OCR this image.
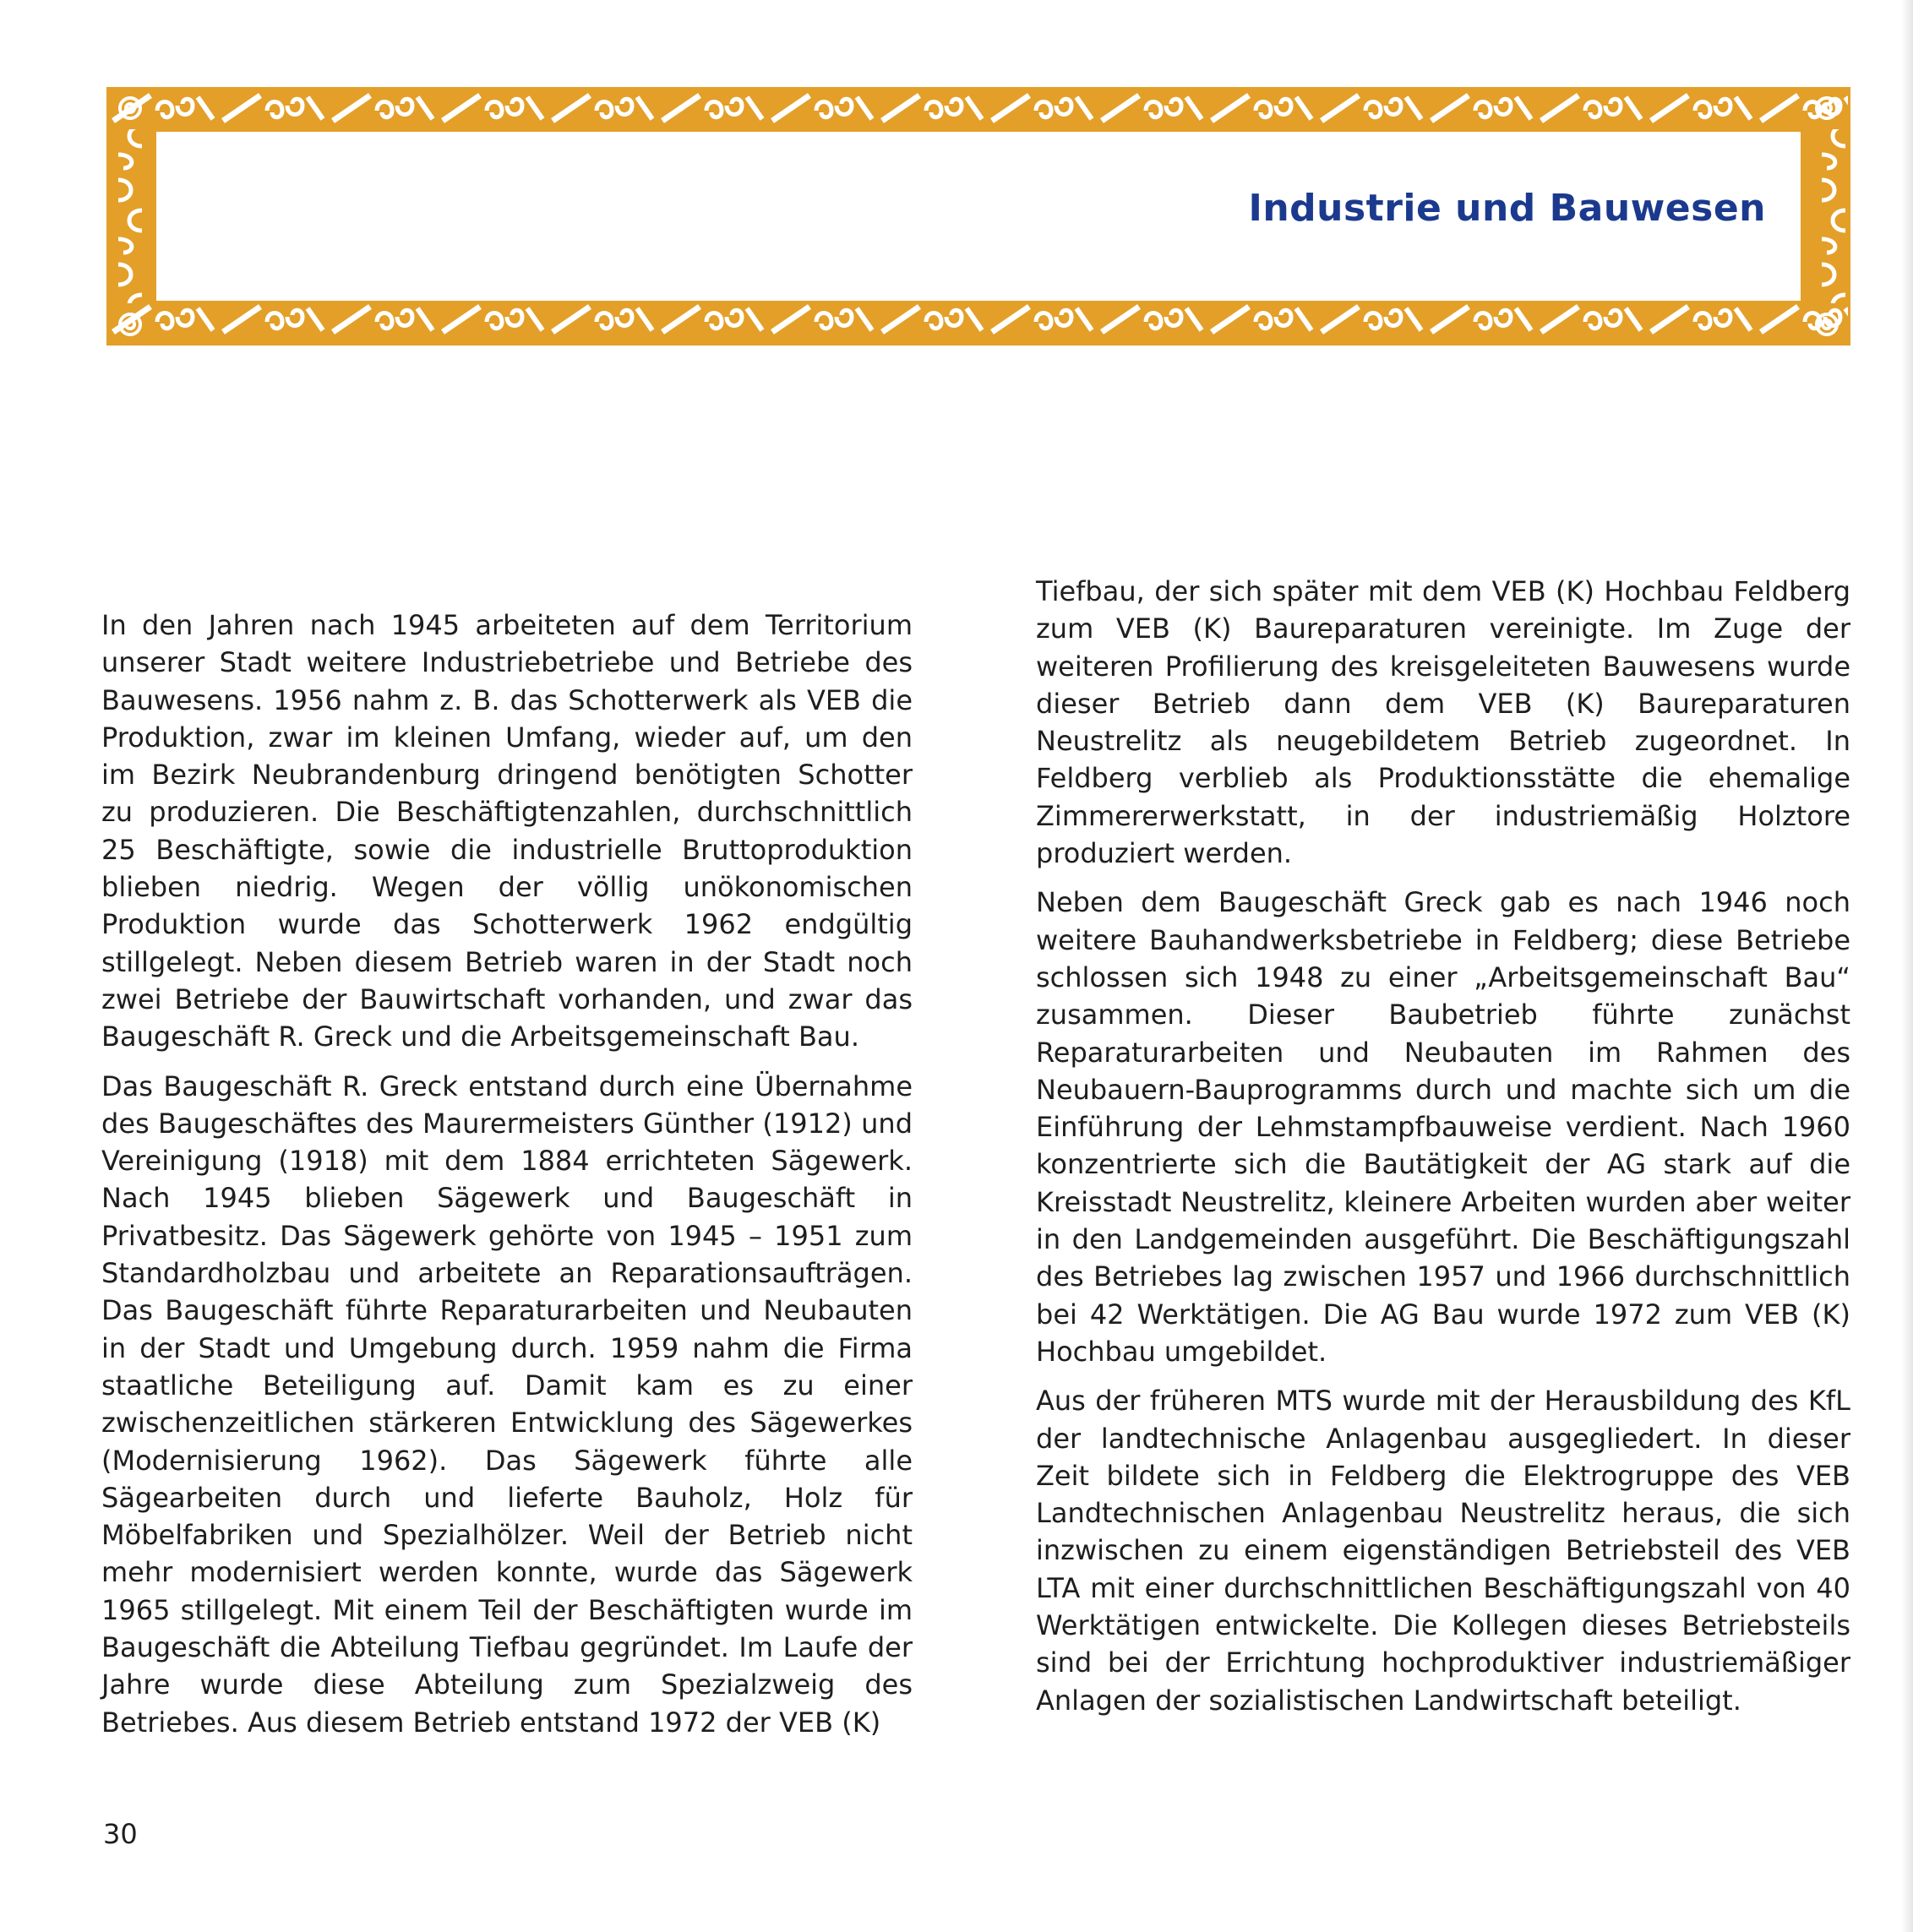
Industrie und Bauwesen

In den Jahren nach 1945 arbeiteten auf dem Territorium unserer Stadt weitere Industriebetriebe und Betriebe des Bauwesens. 1956 nahm z. B. das Schotterwerk als VEB die Produktion, zwar im kleinen Umfang, wieder auf, um den im Bezirk Neubrandenburg dringend benötigten Schotter zu produzieren. Die Beschäftigtenzahlen, durchschnittlich 25 Beschäftigte, sowie die industrielle Bruttoproduktion blieben niedrig. Wegen der völlig unökonomischen Produktion wurde das Schotterwerk 1962 endgültig stillgelegt. Neben diesem Betrieb waren in der Stadt noch zwei Betriebe der Bauwirtschaft vorhanden, und zwar das Baugeschäft R. Greck und die Arbeitsgemeinschaft Bau.

Das Baugeschäft R. Greck entstand durch eine Übernahme des Baugeschäftes des Maurermeisters Günther (1912) und Vereinigung (1918) mit dem 1884 errichteten Sägewerk. Nach 1945 blieben Sägewerk und Baugeschäft in Privatbesitz. Das Sägewerk gehörte von 1945 – 1951 zum Standardholzbau und arbeitete an Reparationsaufträgen. Das Baugeschäft führte Reparaturarbeiten und Neubauten in der Stadt und Umgebung durch. 1959 nahm die Firma staatliche Beteiligung auf. Damit kam es zu einer zwischenzeitlichen stärkeren Entwicklung des Sägewerkes (Modernisierung 1962). Das Sägewerk führte alle Sägearbeiten durch und lieferte Bauholz, Holz für Möbelfabriken und Spezialhölzer. Weil der Betrieb nicht mehr modernisiert werden konnte, wurde das Sägewerk 1965 stillgelegt. Mit einem Teil der Beschäftigten wurde im Baugeschäft die Abteilung Tiefbau gegründet. Im Laufe der Jahre wurde diese Abteilung zum Spezialzweig des Betriebes. Aus diesem Betrieb entstand 1972 der VEB (K)

Tiefbau, der sich später mit dem VEB (K) Hochbau Feldberg zum VEB (K) Baureparaturen vereinigte. Im Zuge der weiteren Profilierung des kreisgeleiteten Bauwesens wurde dieser Betrieb dann dem VEB (K) Baureparaturen Neustrelitz als neugebildetem Betrieb zugeordnet. In Feldberg verblieb als Produktionsstätte die ehemalige Zimmererwerkstatt, in der industriemäßig Holztore produziert werden.

Neben dem Baugeschäft Greck gab es nach 1946 noch weitere Bauhandwerksbetriebe in Feldberg; diese Betriebe schlossen sich 1948 zu einer „Arbeitsgemeinschaft Bau“ zusammen. Dieser Baubetrieb führte zunächst Reparaturarbeiten und Neubauten im Rahmen des Neubauern-Bauprogramms durch und machte sich um die Einführung der Lehmstampfbauweise verdient. Nach 1960 konzentrierte sich die Bautätigkeit der AG stark auf die Kreisstadt Neustrelitz, kleinere Arbeiten wurden aber weiter in den Landgemeinden ausgeführt. Die Beschäftigungszahl des Betriebes lag zwischen 1957 und 1966 durchschnittlich bei 42 Werktätigen. Die AG Bau wurde 1972 zum VEB (K) Hochbau umgebildet.

Aus der früheren MTS wurde mit der Herausbildung des KfL der landtechnische Anlagenbau ausgegliedert. In dieser Zeit bildete sich in Feldberg die Elektrogruppe des VEB Landtechnischen Anlagenbau Neustrelitz heraus, die sich inzwischen zu einem eigenständigen Betriebsteil des VEB LTA mit einer durchschnittlichen Beschäftigungszahl von 40 Werktätigen entwickelte. Die Kollegen dieses Betriebsteils sind bei der Errichtung hochproduktiver industriemäßiger Anlagen der sozialistischen Landwirtschaft beteiligt.

30
